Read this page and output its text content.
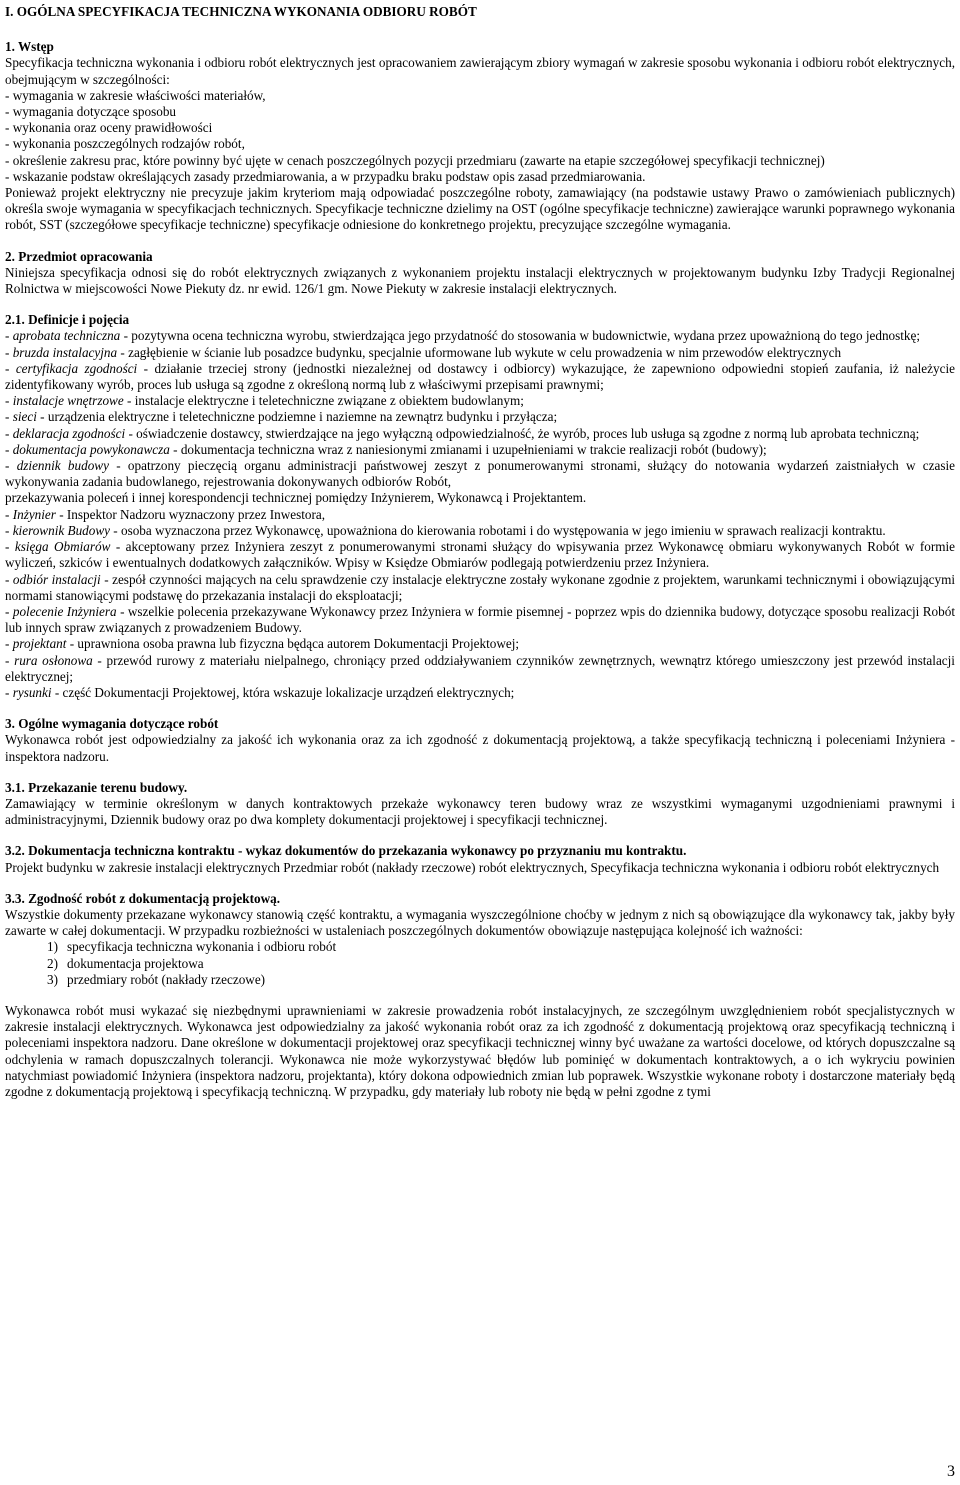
I. OGÓLNA SPECYFIKACJA TECHNICZNA WYKONANIA ODBIORU ROBÓT
1. Wstęp
Specyfikacja techniczna wykonania i odbioru robót elektrycznych jest opracowaniem zawierającym zbiory wymagań w zakresie sposobu wykonania i odbioru robót elektrycznych, obejmującym w szczególności:
- wymagania w zakresie właściwości materiałów,
- wymagania dotyczące sposobu
- wykonania oraz oceny prawidłowości
- wykonania poszczególnych rodzajów robót,
- określenie zakresu prac, które powinny być ujęte w cenach poszczególnych pozycji przedmiaru (zawarte na etapie szczegółowej specyfikacji technicznej)
- wskazanie podstaw określających zasady przedmiarowania, a w przypadku braku podstaw opis zasad przedmiarowania.
Ponieważ projekt elektryczny nie precyzuje jakim kryteriom mają odpowiadać poszczególne roboty, zamawiający (na podstawie ustawy Prawo o zamówieniach publicznych) określa swoje wymagania w specyfikacjach technicznych. Specyfikacje techniczne dzielimy na OST (ogólne specyfikacje techniczne) zawierające warunki poprawnego wykonania robót, SST (szczegółowe specyfikacje techniczne) specyfikacje odniesione do konkretnego projektu, precyzujące szczególne wymagania.
2. Przedmiot opracowania
Niniejsza specyfikacja odnosi się do robót elektrycznych związanych z wykonaniem projektu instalacji elektrycznych w projektowanym budynku Izby Tradycji Regionalnej Rolnictwa w miejscowości Nowe Piekuty dz. nr ewid. 126/1 gm. Nowe Piekuty w zakresie instalacji elektrycznych.
2.1. Definicje i pojęcia
- aprobata techniczna - pozytywna ocena techniczna wyrobu, stwierdzająca jego przydatność do stosowania w budownictwie, wydana przez upoważnioną do tego jednostkę;
- bruzda instalacyjna - zagłębienie w ścianie lub posadzce budynku, specjalnie uformowane lub wykute w celu prowadzenia w nim przewodów elektrycznych
- certyfikacja zgodności - działanie trzeciej strony (jednostki niezależnej od dostawcy i odbiorcy) wykazujące, że zapewniono odpowiedni stopień zaufania, iż należycie zidentyfikowany wyrób, proces lub usługa są zgodne z określoną normą lub z właściwymi przepisami prawnymi;
- instalacje wnętrzowe - instalacje elektryczne i teletechniczne związane z obiektem budowlanym;
- sieci - urządzenia elektryczne i teletechniczne podziemne i naziemne na zewnątrz budynku i przyłącza;
- deklaracja zgodności - oświadczenie dostawcy, stwierdzające na jego wyłączną odpowiedzialność, że wyrób, proces lub usługa są zgodne z normą lub aprobata techniczną;
- dokumentacja powykonawcza - dokumentacja techniczna wraz z naniesionymi zmianami i uzupełnieniami w trakcie realizacji robót (budowy);
- dziennik budowy - opatrzony pieczęcią organu administracji państwowej zeszyt z ponumerowanymi stronami, służący do notowania wydarzeń zaistniałych w czasie wykonywania zadania budowlanego, rejestrowania dokonywanych odbiorów Robót,
przekazywania poleceń i innej korespondencji technicznej pomiędzy Inżynierem, Wykonawcą i Projektantem.
- Inżynier - Inspektor Nadzoru wyznaczony przez Inwestora,
- kierownik Budowy - osoba wyznaczona przez Wykonawcę, upoważniona do kierowania robotami i do występowania w jego imieniu w sprawach realizacji kontraktu.
- księga Obmiarów - akceptowany przez Inżyniera zeszyt z ponumerowanymi stronami służący do wpisywania przez Wykonawcę obmiaru wykonywanych Robót w formie wyliczeń, szkiców i ewentualnych dodatkowych załączników. Wpisy w Księdze Obmiarów podlegają potwierdzeniu przez Inżyniera.
- odbiór instalacji - zespół czynności mających na celu sprawdzenie czy instalacje elektryczne zostały wykonane zgodnie z projektem, warunkami technicznymi i obowiązującymi normami stanowiącymi podstawę do przekazania instalacji do eksploatacji;
- polecenie Inżyniera - wszelkie polecenia przekazywane Wykonawcy przez Inżyniera w formie pisemnej - poprzez wpis do dziennika budowy, dotyczące sposobu realizacji Robót lub innych spraw związanych z prowadzeniem Budowy.
- projektant - uprawniona osoba prawna lub fizyczna będąca autorem Dokumentacji Projektowej;
- rura osłonowa - przewód rurowy z materiału nielpalnego, chroniący przed oddziaływaniem czynników zewnętrznych, wewnątrz którego umieszczony jest przewód instalacji elektrycznej;
- rysunki - część Dokumentacji Projektowej, która wskazuje lokalizacje urządzeń elektrycznych;
3. Ogólne wymagania dotyczące robót
Wykonawca robót jest odpowiedzialny za jakość ich wykonania oraz za ich zgodność z dokumentacją projektową, a także specyfikacją techniczną i poleceniami Inżyniera - inspektora nadzoru.
3.1. Przekazanie terenu budowy.
Zamawiający w terminie określonym w danych kontraktowych przekaże wykonawcy teren budowy wraz ze wszystkimi wymaganymi uzgodnieniami prawnymi i administracyjnymi, Dziennik budowy oraz po dwa komplety dokumentacji projektowej i specyfikacji technicznej.
3.2. Dokumentacja techniczna kontraktu - wykaz dokumentów do przekazania wykonawcy po przyznaniu mu kontraktu.
Projekt budynku w zakresie instalacji elektrycznych Przedmiar robót (nakłady rzeczowe) robót elektrycznych, Specyfikacja techniczna wykonania i odbioru robót elektrycznych
3.3. Zgodność robót z dokumentacją projektową.
Wszystkie dokumenty przekazane wykonawcy stanowią część kontraktu, a wymagania wyszczególnione choćby w jednym z nich są obowiązujące dla wykonawcy tak, jakby były zawarte w całej dokumentacji. W przypadku rozbieżności w ustaleniach poszczególnych dokumentów obowiązuje następująca kolejność ich ważności:
1) specyfikacja techniczna wykonania i odbioru robót
2) dokumentacja projektowa
3) przedmiary robót (nakłady rzeczowe)
Wykonawca robót musi wykazać się niezbędnymi uprawnieniami w zakresie prowadzenia robót instalacyjnych, ze szczególnym uwzględnieniem robót specjalistycznych w zakresie instalacji elektrycznych. Wykonawca jest odpowiedzialny za jakość wykonania robót oraz za ich zgodność z dokumentacją projektową oraz specyfikacją techniczną i poleceniami inspektora nadzoru. Dane określone w dokumentacji projektowej oraz specyfikacji technicznej winny być uważane za wartości docelowe, od których dopuszczalne są odchylenia w ramach dopuszczalnych tolerancji. Wykonawca nie może wykorzystywać błędów lub pominięć w dokumentach kontraktowych, a o ich wykryciu powinien natychmiast powiadomić Inżyniera (inspektora nadzoru, projektanta), który dokona odpowiednich zmian lub poprawek. Wszystkie wykonane roboty i dostarczone materiały będą zgodne z dokumentacją projektową i specyfikacją techniczną. W przypadku, gdy materiały lub roboty nie będą w pełni zgodne z tymi
3
